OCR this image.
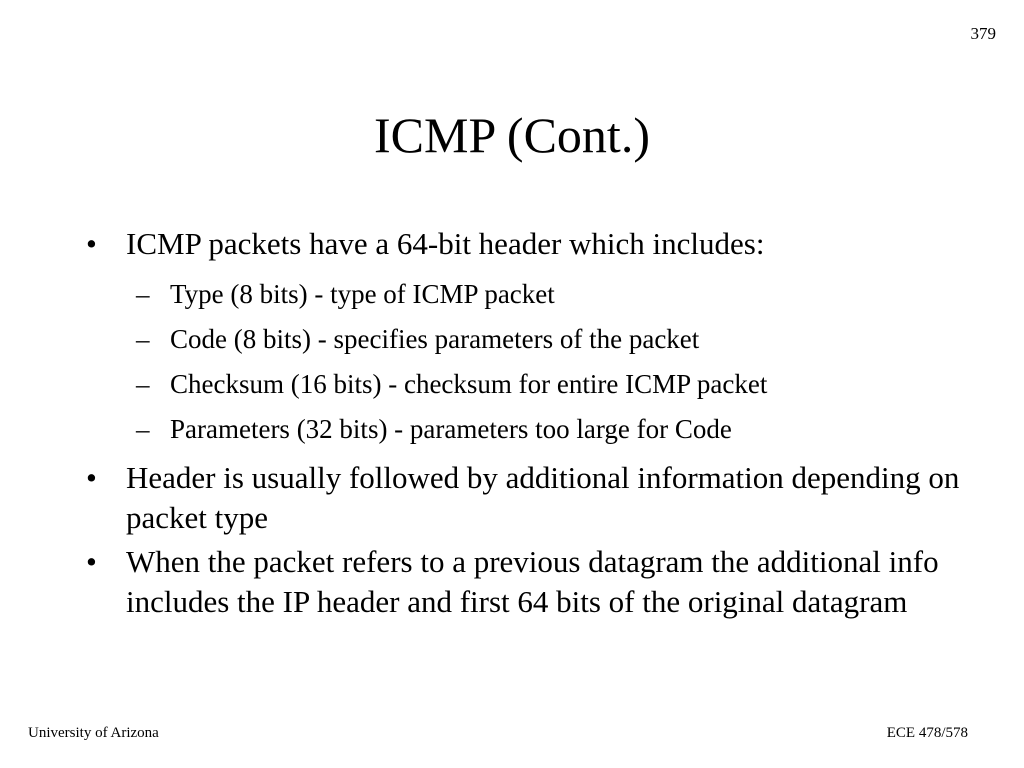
379
ICMP (Cont.)
• ICMP packets have a 64-bit header which includes:
– Type (8 bits) - type of ICMP packet
– Code (8 bits) - specifies parameters of the packet
– Checksum (16 bits) - checksum for entire ICMP packet
– Parameters (32 bits) - parameters too large for Code
• Header is usually followed by additional information depending on packet type
• When the packet refers to a previous datagram the additional info includes the IP header and first 64 bits of the original datagram
University of Arizona	ECE 478/578
